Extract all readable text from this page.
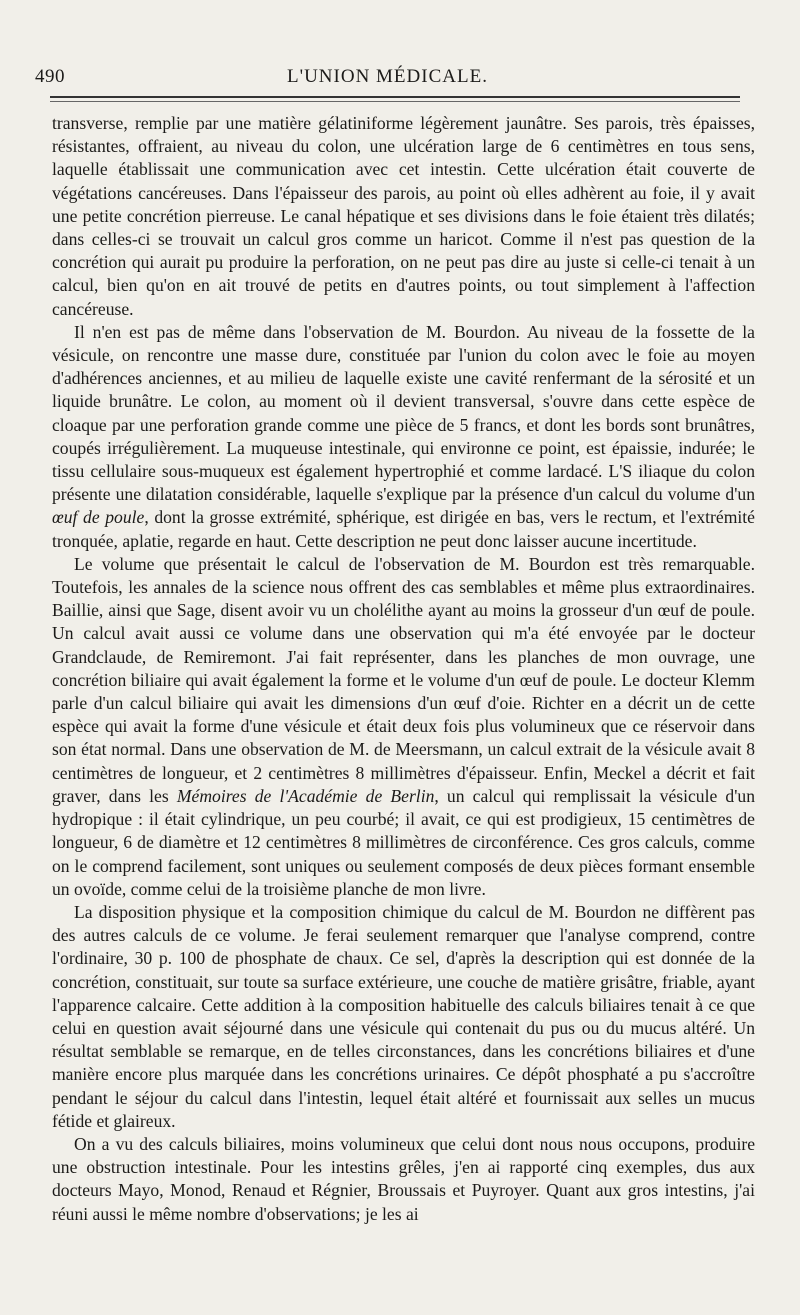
490	L'UNION MÉDICALE.

transverse, remplie par une matière gélatiniforme légèrement jaunâtre. Ses parois, très épaisses, résistantes, offraient, au niveau du colon, une ulcération large de 6 centimètres en tous sens, laquelle établissait une communication avec cet intestin. Cette ulcération était couverte de végétations cancéreuses. Dans l'épaisseur des parois, au point où elles adhèrent au foie, il y avait une petite concrétion pierreuse. Le canal hépatique et ses divisions dans le foie étaient très dilatés; dans celles-ci se trouvait un calcul gros comme un haricot. Comme il n'est pas question de la concrétion qui aurait pu produire la perforation, on ne peut pas dire au juste si celle-ci tenait à un calcul, bien qu'on en ait trouvé de petits en d'autres points, ou tout simplement à l'affection cancéreuse.

Il n'en est pas de même dans l'observation de M. Bourdon. Au niveau de la fossette de la vésicule, on rencontre une masse dure, constituée par l'union du colon avec le foie au moyen d'adhérences anciennes, et au milieu de laquelle existe une cavité renfermant de la sérosité et un liquide brunâtre. Le colon, au moment où il devient transversal, s'ouvre dans cette espèce de cloaque par une perforation grande comme une pièce de 5 francs, et dont les bords sont brunâtres, coupés irrégulièrement. La muqueuse intestinale, qui environne ce point, est épaissie, indurée; le tissu cellulaire sous-muqueux est également hypertrophié et comme lardacé. L'S iliaque du colon présente une dilatation considérable, laquelle s'explique par la présence d'un calcul du volume d'un œuf de poule, dont la grosse extrémité, sphérique, est dirigée en bas, vers le rectum, et l'extrémité tronquée, aplatie, regarde en haut. Cette description ne peut donc laisser aucune incertitude.

Le volume que présentait le calcul de l'observation de M. Bourdon est très remarquable. Toutefois, les annales de la science nous offrent des cas semblables et même plus extraordinaires. Baillie, ainsi que Sage, disent avoir vu un cholélithe ayant au moins la grosseur d'un œuf de poule. Un calcul avait aussi ce volume dans une observation qui m'a été envoyée par le docteur Grandclaude, de Remiremont. J'ai fait représenter, dans les planches de mon ouvrage, une concrétion biliaire qui avait également la forme et le volume d'un œuf de poule. Le docteur Klemm parle d'un calcul biliaire qui avait les dimensions d'un œuf d'oie. Richter en a décrit un de cette espèce qui avait la forme d'une vésicule et était deux fois plus volumineux que ce réservoir dans son état normal. Dans une observation de M. de Meersmann, un calcul extrait de la vésicule avait 8 centimètres de longueur, et 2 centimètres 8 millimètres d'épaisseur. Enfin, Meckel a décrit et fait graver, dans les Mémoires de l'Académie de Berlin, un calcul qui remplissait la vésicule d'un hydropique : il était cylindrique, un peu courbé; il avait, ce qui est prodigieux, 15 centimètres de longueur, 6 de diamètre et 12 centimètres 8 millimètres de circonférence. Ces gros calculs, comme on le comprend facilement, sont uniques ou seulement composés de deux pièces formant ensemble un ovoïde, comme celui de la troisième planche de mon livre.

La disposition physique et la composition chimique du calcul de M. Bourdon ne diffèrent pas des autres calculs de ce volume. Je ferai seulement remarquer que l'analyse comprend, contre l'ordinaire, 30 p. 100 de phosphate de chaux. Ce sel, d'après la description qui est donnée de la concrétion, constituait, sur toute sa surface extérieure, une couche de matière grisâtre, friable, ayant l'apparence calcaire. Cette addition à la composition habituelle des calculs biliaires tenait à ce que celui en question avait séjourné dans une vésicule qui contenait du pus ou du mucus altéré. Un résultat semblable se remarque, en de telles circonstances, dans les concrétions biliaires et d'une manière encore plus marquée dans les concrétions urinaires. Ce dépôt phosphaté a pu s'accroître pendant le séjour du calcul dans l'intestin, lequel était altéré et fournissait aux selles un mucus fétide et glaireux.

On a vu des calculs biliaires, moins volumineux que celui dont nous nous occupons, produire une obstruction intestinale. Pour les intestins grêles, j'en ai rapporté cinq exemples, dus aux docteurs Mayo, Monod, Renaud et Régnier, Broussais et Puyroyer. Quant aux gros intestins, j'ai réuni aussi le même nombre d'observations; je les ai
